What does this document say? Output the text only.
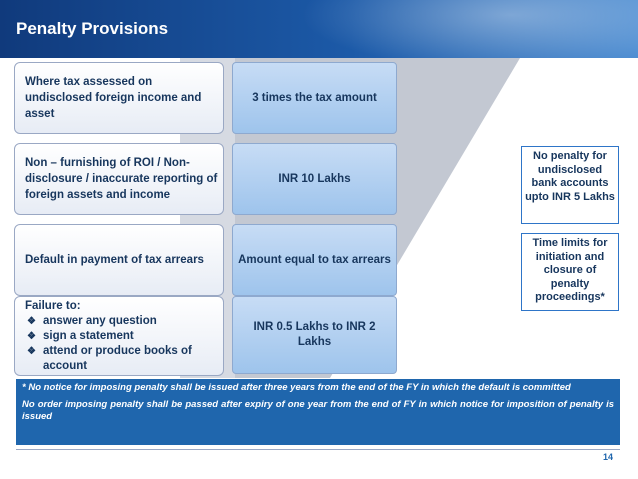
Penalty Provisions
Where tax assessed on undisclosed foreign income and asset
3 times the tax amount
Non – furnishing of ROI / Non-disclosure / inaccurate reporting of foreign assets and income
INR 10 Lakhs
Default in payment of tax arrears	Amount equal to tax arrears
Failure to:
❖ answer any question
❖ sign a statement
❖ attend or produce books of account
INR 0.5 Lakhs to INR 2 Lakhs
No penalty for undisclosed bank accounts upto INR 5 Lakhs
Time limits for initiation and closure of penalty proceedings*

* No notice for imposing penalty shall be issued after three years from the end of the FY in which the default is committed

No order imposing penalty shall be passed after expiry of one year from the end of FY in which notice for imposition of penalty is issued

14
